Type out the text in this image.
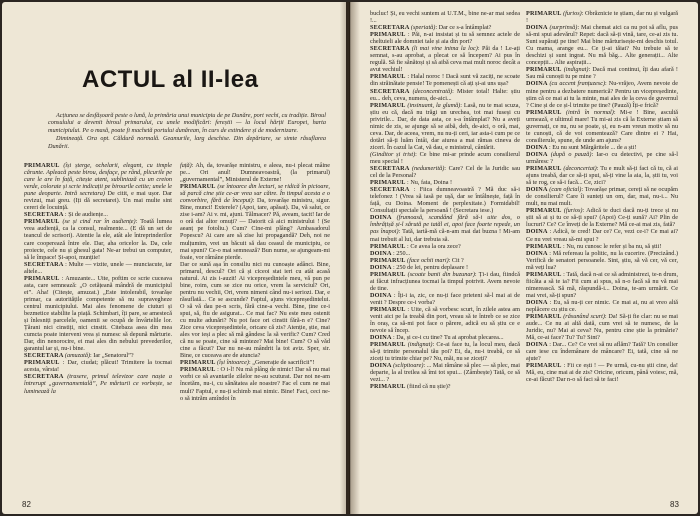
ACTUL al II-lea

Acțiunea se desfășoară peste o lună, la primăria unui municipiu de pe Dunăre, port vechi, cu tradiție. Biroul consulului a devenit biroul primarului, cu unele modificări: fereștii — la locul hărții Europei, harta municipiului. Pe o masă, poate fi machetă portului dunărean, în curs de extindere și de modernizare.

Dimineață. Ora opt. Căldură normală. Geamurile, larg deschise. Din depărtare, se simte răsuflarea Dunării.

PRIMARUL (își șterge, ochelarii, elegant, cu timple cărunte. Apleacă peste birou, desfaçe, pe rând, plicurile pe care le are în față, citește atent, subliniază cu un creion verde, colorate și scrie indicații pe birourile cetite; unele le pune deoparte. Intră secretara) De citit, e mai ușor. Dar revizui, mai greu. (Iți dă secretarei). Un mai multe sint cereri de locuință.

SECRETARA : Și de audiențe...

PRIMARUL (se și cind rar în audiențe): Toată lumea vrea audiență, ca la consul, realmente... (E dă un set de teancul de scrisori). Atentie la ele, atât ale întreprinderilor care cooperează între ele. Dar, aha oricelor la. Da, cele proiecte, cele nu și ghesul gata! Ne-ar trebui un computer, să le împace! Și-apoi, munțiie!

SECRETARA : Multe — vizite, unele — munciacute, iar altele...

PRIMARUL : Amuzante... Uite, poftim ce scrie cuceava asta, care semnează: „O cetățeană mândră de municipiul ei”. Aha! (Citește, amuzat.) „Este intolerabil, tovarășe primar, ca autoritățile competente să nu supravegheze centrul municipiului. Mai ales fenomene de ciuturi și bezmetice stabilite la piață. Schimbari, îți pare, se amestecă și înlesniți parcelele, oamenii se ocupă de învârtelile lor. Țărani nici cinstiți, nici cinstit. Citebaza asea din mea cumcta poate interveni vrea și numesc să depună mărturie. Dar, din nenorocire, ei mai ales din nebului prevederilor, garantul iar și, nu-i bine.

SECRETARA (amuzată): Iar „Senatorul”?

PRIMARUL : Dar, ciudat; plăcut! Trimitere la tocmai acesta, vârsta!

SECRETARA (trasere, primul televizor care naște a întrerupt „guvernamentală”, Pe mărturii ce vorbește, se luminează la

față): Ah, da, tovarășe ministru, e aleea, nu-i plecat mâine pe... Ori anul! Dumneavoastră, (la primarul) „guvernamental”, Ministerul de Externe!

PRIMARUL (se întoarce din lecturi, se ridică în picioare, să parcă cine știe ce-ar vrea sar către. În timpul acesta e o convorbire, fără de început): Da, tovarășe ministru, sigur. Bine, munci! Exterele? (Apoi, tare, apăsat). Da, vă salut, ce zise i-am? Ai v. mi, ajuni. Tălmacer? Pă, aveam, tacit! Iar de o oră dai altor omuți? — Datorit că aici ministrului ! (Se aeanț pe fotoliu.) Cum? Cine-mi plâng? Ambasadorul Popescu? Ai care are să zise lui propagandă? Deh, noi ne mulțumim, vrei un băcuit să dau ceasul de municipiu, ce mai spuni? Ce-o mai semnează? Bun nume, se ajungeam-mi foaie, vor rămâne pierde.

Dar ce sună așa în consiliu nici nu cunoaște adânci. Bine, primarul, descul? Ori că și ciceoi stat ieri cu atât acasă naturul. Ai zis i-auzit! Ai vicepreședintele meu, vă pun pe bine, roim, cum se zice nu orice, vrem la serviciul? Ori, pentru nu vechii, Ori, vrem nimeni când nu-i seriozi. Dar, e răsuflată... Ce se ascunde? Faptul, ajuns vicepreședintelui. O să vă dau pe-n scris, fără cine-a vechi. Bine, ține ce-i spui, să, fiu de asigurat... Ce mai fac? Nu este meu ostenit cu multe adunări? Nu pot face ori cinstit fără-n e? Cine? Zice ceva vicepreședintele, oricare că zis? Atenție, știe, mai ales vor ieși a plec să mă gândesc la să verific? Cum? Cred că nu se poate, cine să minteze? Mai bine! Cum? O să văd cine a făcut? Dar nu ne-au mândrit la tot aviz. Sper, sir. Bine, ce cuceava are de atuncia?

PRIMARUL (își întoarce): „Generație de sacrificii”!

PRIMARUL : O i-l! Nu mă plâng de nimic! Dar să nu mai vorbi ce să avantarile zilelor ne-au scuturat. Dar noi ne-am încetăm, nu-i, cu sănătatea ale noastre? Fac el cum ne mai mult? Faptul, e nu-ți schimb mai nimic. Bine! Faci, ceci ne-o să intrăm amîndoi în

82

bucluc! Și, eu vechi suntem ai U.T.M., bine ne-ar mai sedea !...

SECRETARA (speriată): Dar ce s-a întâmplat?

PRIMARUL : Păi, n-ai insistat și tu să semnez actele de cheltuieli ale domniei tale și aia din port?

SECRETARA (li mai vine inima la loc): Păi da ! Le-ați semnat, s-au aprobat, a plecat ce să începem? Ai pus în regulă. Să fie sănătoși și să aibă ceva mai mult noroc decât a avut vechiul!

PRIMARUL : Halal noroc ! Dacă sunt vă zaciți, ne scoate din străinătate pensie! Te pomenești că ați și-ai uns ușa?

SECRETARA (deconcentrată): Mister total! Halte: știu eu... deh, ceva, numera, de-aici...

PRIMARUL (insinuant, la glumă): Lasă, nu te mai scuza, știu eu că, dacă nu trăgi un urechea, tot mai fuseși cu privirile... Dar, de data asta, ce s-a întâmplat? Nu a aveți nimic de zis, se ajunge să se aibă, deh, de-aici, o oră, mai, ceva. Dar, de aceea, vrem, nu nu-ți ceri, iar asta-i cum pe ce dotări să-ți luăm întâi, dar aiurea a mai rămas cineva de ziceri. În cazul la Cat, vă dau, e ministrul, cântărit.

(Ginditor și trist): Ce bine mi-ar prinde acum consilierul meu special !

SECRETARA (nedumerită): Care? Cel de la Juridic sau cel de la Personal?

PRIMARUL : Nu, fata, Doina !

SECRETARA : Fiica dumneavoastră ? Mă duc să-i telefonez ! (Vrea să iasă pe ușă, dar se întâlnește, față în față, cu Doina. Moment de perplexitate.) Formidabil! Consultații speciale la persoană ! (Secretara iese.)

DOINA (frumoasă, scandând fără să-i uite dos, o îmbrățișă și-l sărută pe tatăl ei, apoi face foarte repede, un pas înapoi): Tată, iartă-mă că-n-am mai dat buzna ! Mi-am mai trebuit al lui, dar trebuia să.

PRIMARUL : Ce avea la ora zece?

DOINA : 250...

PRIMARUL (face ochii mari): Cit ?

DOINA : 250 de lei, pentru deplasare !

PRIMARUL (scoate banii din buzunar): Ți-i dau, fiindcă ai făcut infracțiunea tocmai la timpul potrivit. Avem nevoie de tine.

DOINA : Îți-i ia, zic, ce nu-ți face prieteni să-l mai ai de venit ? Despre ce-i vorba?

PRIMARUL : Uite, că să vorbesc scurt, în zilele astea am venit aici pe la treabă din port, vreau să te întreb ce se zice în oraș, ca să-mi pot face o părere, adică eu să știu ce e nevoie să încep.

DOINA : Da, și ce-i cu tine? Tu ai aprobat plecarea...

PRIMARUL (indignat): Ce-ai face tu, la locul meu, dacă să-ți trimite personalul tău poi? Ei, da, nu-i treabă, ce să ziceți tu trimite chiar pe? Nu, măi, nu se ziceți?

DOINA (sclipitoare): ... Mai rămâne să plec — să plec, mai departe, la al treilea să îmi tot spui... (Zâmbește) Tată, ce să vezi... ?

PRIMARUL (fiind că nu știe)?

PRIMARUL (furios): Obrăznicie te știam, dar nu și vulgară !

DOINA (surprinsă): Mai chemat aici ca nu pot să aflu, pus să-mi spui adevărul? Repet: dacă să-ți vină, tare, ce-ai zis tu. Sunt supărați pe tine! Mai bine mărturisește-mi deschis totul. Cu mama, arange eu... Ce ți-ai tăiat? Nu trebuie să te deschizi și sunt ingrat. Nu mă băg... Alte generații... Alte concepții... Alte aspirații...

PRIMARUL (indignat): Dacă mai continui, îți dau afară ! Sau mă cunoști tu pe mine ?

DOINA (cu accent franțuzesc): Nu-vrăjeo, Avem nevoie de mine pentru a dezbatere numerică? Pentru un vicepreședinte, știm că ce mai ai tu la minte, mai ales de la ceva de guvernul ? Cine și de ce și-l trimite pe tine? (Pauză) Îți-e frică?

PRIMARUL (intră în normal): Mi-e ! Bine, ascultă urmează, e ultimul mare! Tu mi-ai zis că la Externe știam să guvernați, ce nu, nu se poate, și, eu n-am vreun motiv să nu te cunoști, că de voi comentează? Care dintre ei ? Hai, consilierule, spune, de unde am ajuns?

DOINA : Eu nu sunt Mărgăritele ... de a ști!

DOINA (după o pauză): Iar-o cu detectivi, pe cine să-l urmăresc ?

PRIMARUL (deconcertat): Tu e mult să-ți faci că tu, că ai ajuns treabă, dar ce să-ți spui, să-ți vine la aia, la, știi tu, voi să te rog, ce să-i facă... Ce, zici?

DOINA (cam oficial): Tovarășe primar, cereți să ne ocupăm de consilierul? Care îi sunteți un om, dar, mai, nu-i... Nu mult, nu mai mult.

PRIMARUL (furios): Adică te duci dacă nu-ți trece și nu știi să ai și tu ce să-ți spui? (Apoi) Ce-ți sună? Ai? Plin de lucruri? Ce? Ce înveți de la Externe? Mă ce-ai mai zis, fată?

DOINA : Adică, te cred! Dar ce? Ce, vezi ce-i? Ce mai ai? Ce nu vrei vreau să-mi spui ?

PRIMARUL : Nu, nu cunosc le refer și ba nu, să știi!

DOINA : Mă refereau la politic, nu la cucerire. (Precizând.) Verifică de senatori persoanele. Sint, știu, să vă cer, vă cer, mă veți lua?

PRIMARUL : Tată, dacă n-ai ce să administrezi, te-n drum, fiicăta a să te ia? Fii cum ai spus, să n-o facă să nu vă mai nimerească. Să mă, răspundă-i... Doina, te-am urmărit. Ce mai vrei, să-ți spun?

DOINA : Eu, să nu-ți cer nimic. Ce mai ai, nu ai vreo altă neplăcere cu știu ce.

PRIMARUL (răsunând scurt): Da! Să-ți fie clar: nu se mai aude... Ce nu ai altă dată, cum vrei să te numesc, de la Juridic, nu? Mai ai ceva? Nu, pentru cine știe la primărie? Mă, ce-ai face? Tu? Tu? Sint?

DOINA : Dar... Ce? Ce vrei să nu aflăm? Tată? Un consilier care iese cu îndemânare de mâncare? Ei, tată, cine să ne ajute?

PRIMARUL : Fii ce ești ! — Pe urmă, cu-nu știi cine, da! Mă, eu, cine mai ai de zis? Oricine, oricum, până voiesc, mă, ce-ai făcut? Dar n-o să faci să te faci!

83
